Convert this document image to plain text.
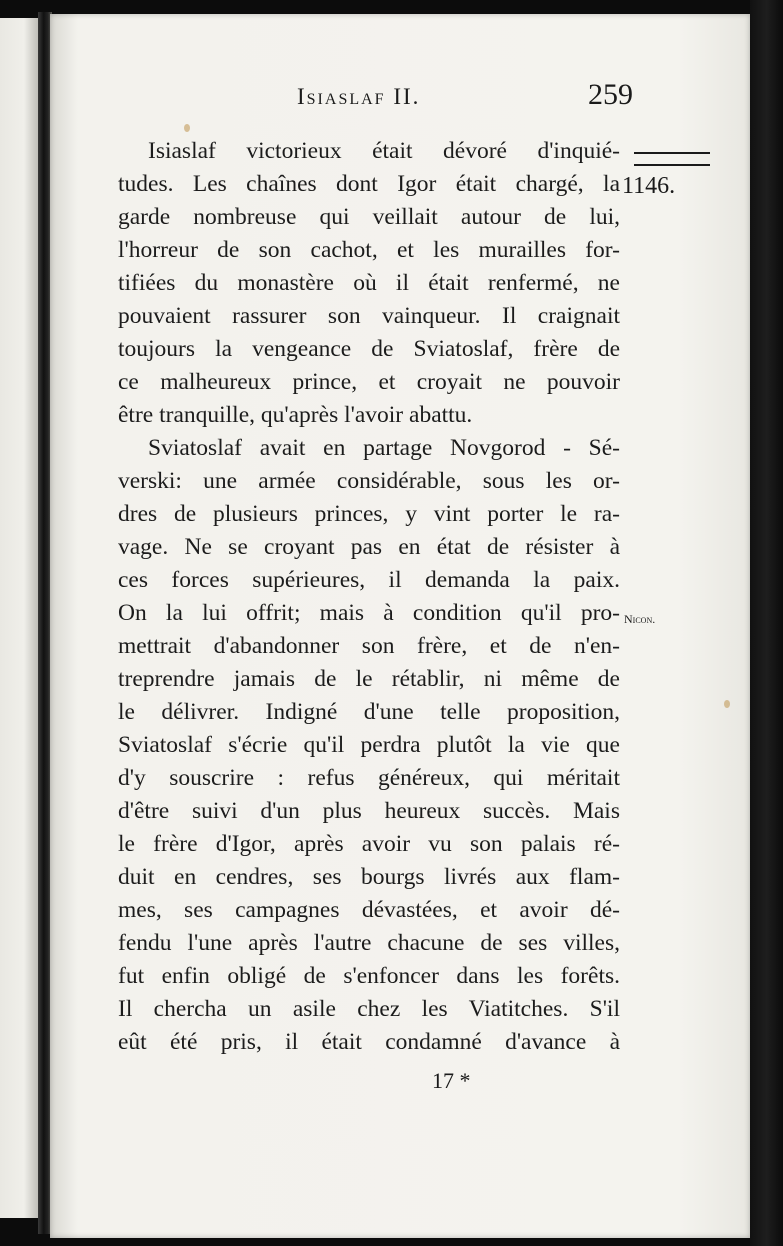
Isiaslaf II.	259
1146.
Nicon.
Isiaslaf victorieux était dévoré d'inquié-
tudes. Les chaînes dont Igor était chargé, la
garde nombreuse qui veillait autour de lui,
l'horreur de son cachot, et les murailles for-
tifiées du monastère où il était renfermé, ne
pouvaient rassurer son vainqueur. Il craignait
toujours la vengeance de Sviatoslaf, frère de
ce malheureux prince, et croyait ne pouvoir
être tranquille, qu'après l'avoir abattu.
Sviatoslaf avait en partage Novgorod - Sé-
verski: une armée considérable, sous les or-
dres de plusieurs princes, y vint porter le ra-
vage. Ne se croyant pas en état de résister à
ces forces supérieures, il demanda la paix.
On la lui offrit; mais à condition qu'il pro-
mettrait d'abandonner son frère, et de n'en-
treprendre jamais de le rétablir, ni même de
le délivrer. Indigné d'une telle proposition,
Sviatoslaf s'écrie qu'il perdra plutôt la vie que
d'y souscrire : refus généreux, qui méritait
d'être suivi d'un plus heureux succès. Mais
le frère d'Igor, après avoir vu son palais ré-
duit en cendres, ses bourgs livrés aux flam-
mes, ses campagnes dévastées, et avoir dé-
fendu l'une après l'autre chacune de ses villes,
fut enfin obligé de s'enfoncer dans les forêts.
Il chercha un asile chez les Viatitches. S'il
eût été pris, il était condamné d'avance à
17 *
